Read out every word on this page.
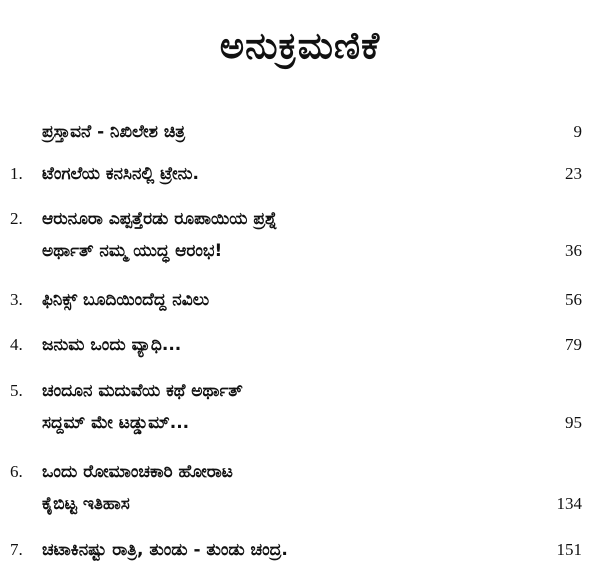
ಅನುಕ್ರಮಣಿಕೆ
ಪ್ರಸ್ತಾವನೆ - ನಿಖಿಲೇಶ ಚಿತ್ರ	9
1.	ಟೆಂಗಲೆಯ ಕನಸಿನಲ್ಲಿ ಟ್ರೇನು.	23
2.	ಆರುನೂರಾ ಎಪ್ಪತ್ತೆರಡು ರೂಪಾಯಿಯ ಪ್ರಶ್ನೆ
ಅರ್ಥಾತ್ ನಮ್ಮ ಯುದ್ಧ ಆರಂಭ!	36
3.	ಫಿನಿಕ್ಸ್ ಬೂದಿಯಿಂದೆದ್ದ ನವಿಲು	56
4.	ಜನುಮ ಒಂದು ವ್ಯಾಧಿ...	79
5.	ಚಂದೂನ ಮದುವೆಯ ಕಥೆ ಅರ್ಥಾತ್
ಸದ್ದಮ್ ಮೇ ಟಡ್ಡುಮ್...	95
6.	ಒಂದು ರೋಮಾಂಚಕಾರಿ ಹೋರಾಟ
ಕೈಬಿಟ್ಟ ಇತಿಹಾಸ	134
7.	ಚಟಾಕಿನಷ್ಟು ರಾತ್ರಿ, ತುಂಡು - ತುಂಡು ಚಂದ್ರ.	151
